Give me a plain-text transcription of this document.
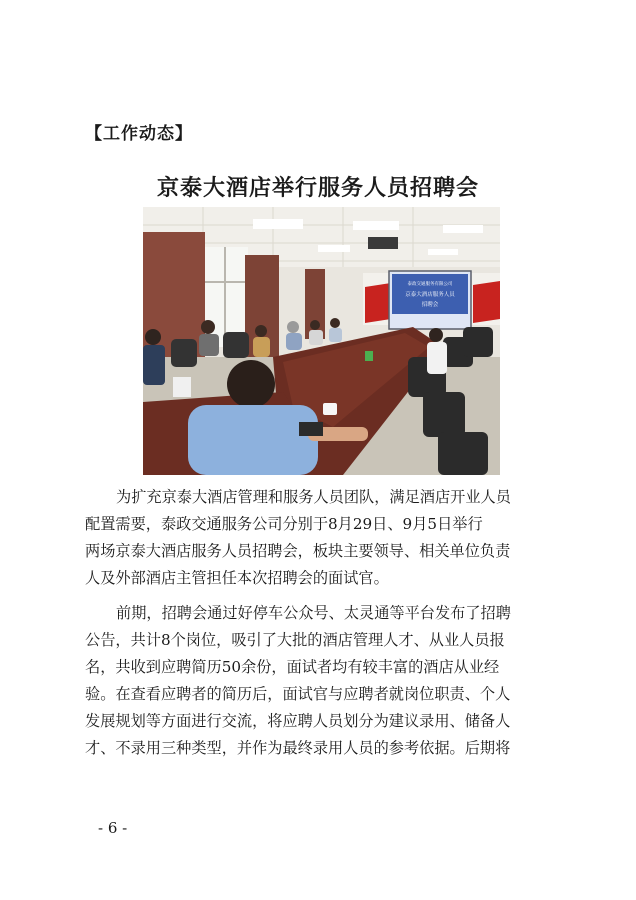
【工作动态】
京泰大酒店举行服务人员招聘会
泰政交通服务有限公司
京泰大酒店服务人员
招聘会
为扩充京泰大酒店管理和服务人员团队，满足酒店开业人员
配置需要，泰政交通服务公司分别于8月29日、9月5日举行
两场京泰大酒店服务人员招聘会，板块主要领导、相关单位负责
人及外部酒店主管担任本次招聘会的面试官。
前期，招聘会通过好停车公众号、太灵通等平台发布了招聘
公告，共计8个岗位，吸引了大批的酒店管理人才、从业人员报
名，共收到应聘简历50余份，面试者均有较丰富的酒店从业经
验。在查看应聘者的简历后，面试官与应聘者就岗位职责、个人
发展规划等方面进行交流，将应聘人员划分为建议录用、储备人
才、不录用三种类型，并作为最终录用人员的参考依据。后期将
- 6 -
